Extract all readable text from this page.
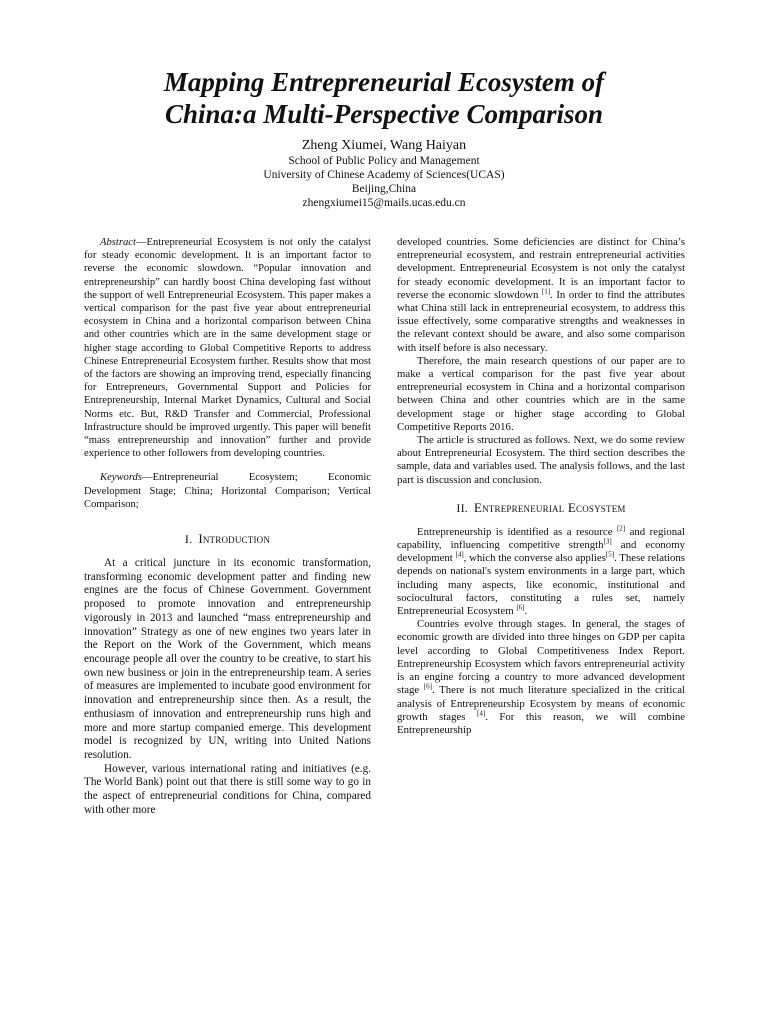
Mapping Entrepreneurial Ecosystem of
China:a Multi-Perspective Comparison
Zheng Xiumei, Wang Haiyan
School of Public Policy and Management
University of Chinese Academy of Sciences(UCAS)
Beijing,China
zhengxiumei15@mails.ucas.edu.cn

Abstract—Entrepreneurial Ecosystem is not only the catalyst for steady economic development. It is an important factor to reverse the economic slowdown. “Popular innovation and entrepreneurship” can hardly boost China developing fast without the support of well Entrepreneurial Ecosystem. This paper makes a vertical comparison for the past five year about entrepreneurial ecosystem in China and a horizontal comparison between China and other countries which are in the same development stage or higher stage according to Global Competitive Reports to address Chinese Entrepreneurial Ecosystem further. Results show that most of the factors are showing an improving trend, especially financing for Entrepreneurs, Governmental Support and Policies for Entrepreneurship, Internal Market Dynamics, Cultural and Social Norms etc. But, R&D Transfer and Commercial, Professional Infrastructure should be improved urgently. This paper will benefit “mass entrepreneurship and innovation” further and provide experience to other followers from developing countries.

Keywords—Entrepreneurial Ecosystem; Economic Development Stage; China; Horizontal Comparison; Vertical Comparison;

I. Introduction

At a critical juncture in its economic transformation, transforming economic development patter and finding new engines are the focus of Chinese Government. Government proposed to promote innovation and entrepreneurship vigorously in 2013 and launched “mass entrepreneurship and innovation” Strategy as one of new engines two years later in the Report on the Work of the Government, which means encourage people all over the country to be creative, to start his own new business or join in the entrepreneurship team. A series of measures are implemented to incubate good environment for innovation and entrepreneurship since then. As a result, the enthusiasm of innovation and entrepreneurship runs high and more and more startup companied emerge. This development model is recognized by UN, writing into United Nations resolution.

However, various international rating and initiatives (e.g. The World Bank) point out that there is still some way to go in the aspect of entrepreneurial conditions for China, compared with other more

developed countries. Some deficiencies are distinct for China’s entrepreneurial ecosystem, and restrain entrepreneurial activities development. Entrepreneurial Ecosystem is not only the catalyst for steady economic development. It is an important factor to reverse the economic slowdown [1]. In order to find the attributes what China still lack in entrepreneurial ecosystem, to address this issue effectively, some comparative strengths and weaknesses in the relevant context should be aware, and also some comparison with itself before is also necessary.

Therefore, the main research questions of our paper are to make a vertical comparison for the past five year about entrepreneurial ecosystem in China and a horizontal comparison between China and other countries which are in the same development stage or higher stage according to Global Competitive Reports 2016.

The article is structured as follows. Next, we do some review about Entrepreneurial Ecosystem. The third section describes the sample, data and variables used. The analysis follows, and the last part is discussion and conclusion.

II. Entrepreneurial Ecosystem

Entrepreneurship is identified as a resource [2] and regional capability, influencing competitive strength[3] and economy development [4], which the converse also applies[5]. These relations depends on national's system environments in a large part, which including many aspects, like economic, institutional and sociocultural factors, constituting a rules set, namely Entrepreneurial Ecosystem [6].

Countries evolve through stages. In general, the stages of economic growth are divided into three hinges on GDP per capita level according to Global Competitiveness Index Report. Entrepreneurship Ecosystem which favors entrepreneurial activity is an engine forcing a country to more advanced development stage [6]. There is not much literature specialized in the critical analysis of Entrepreneurship Ecosystem by means of economic growth stages [4]. For this reason, we will combine Entrepreneurship
